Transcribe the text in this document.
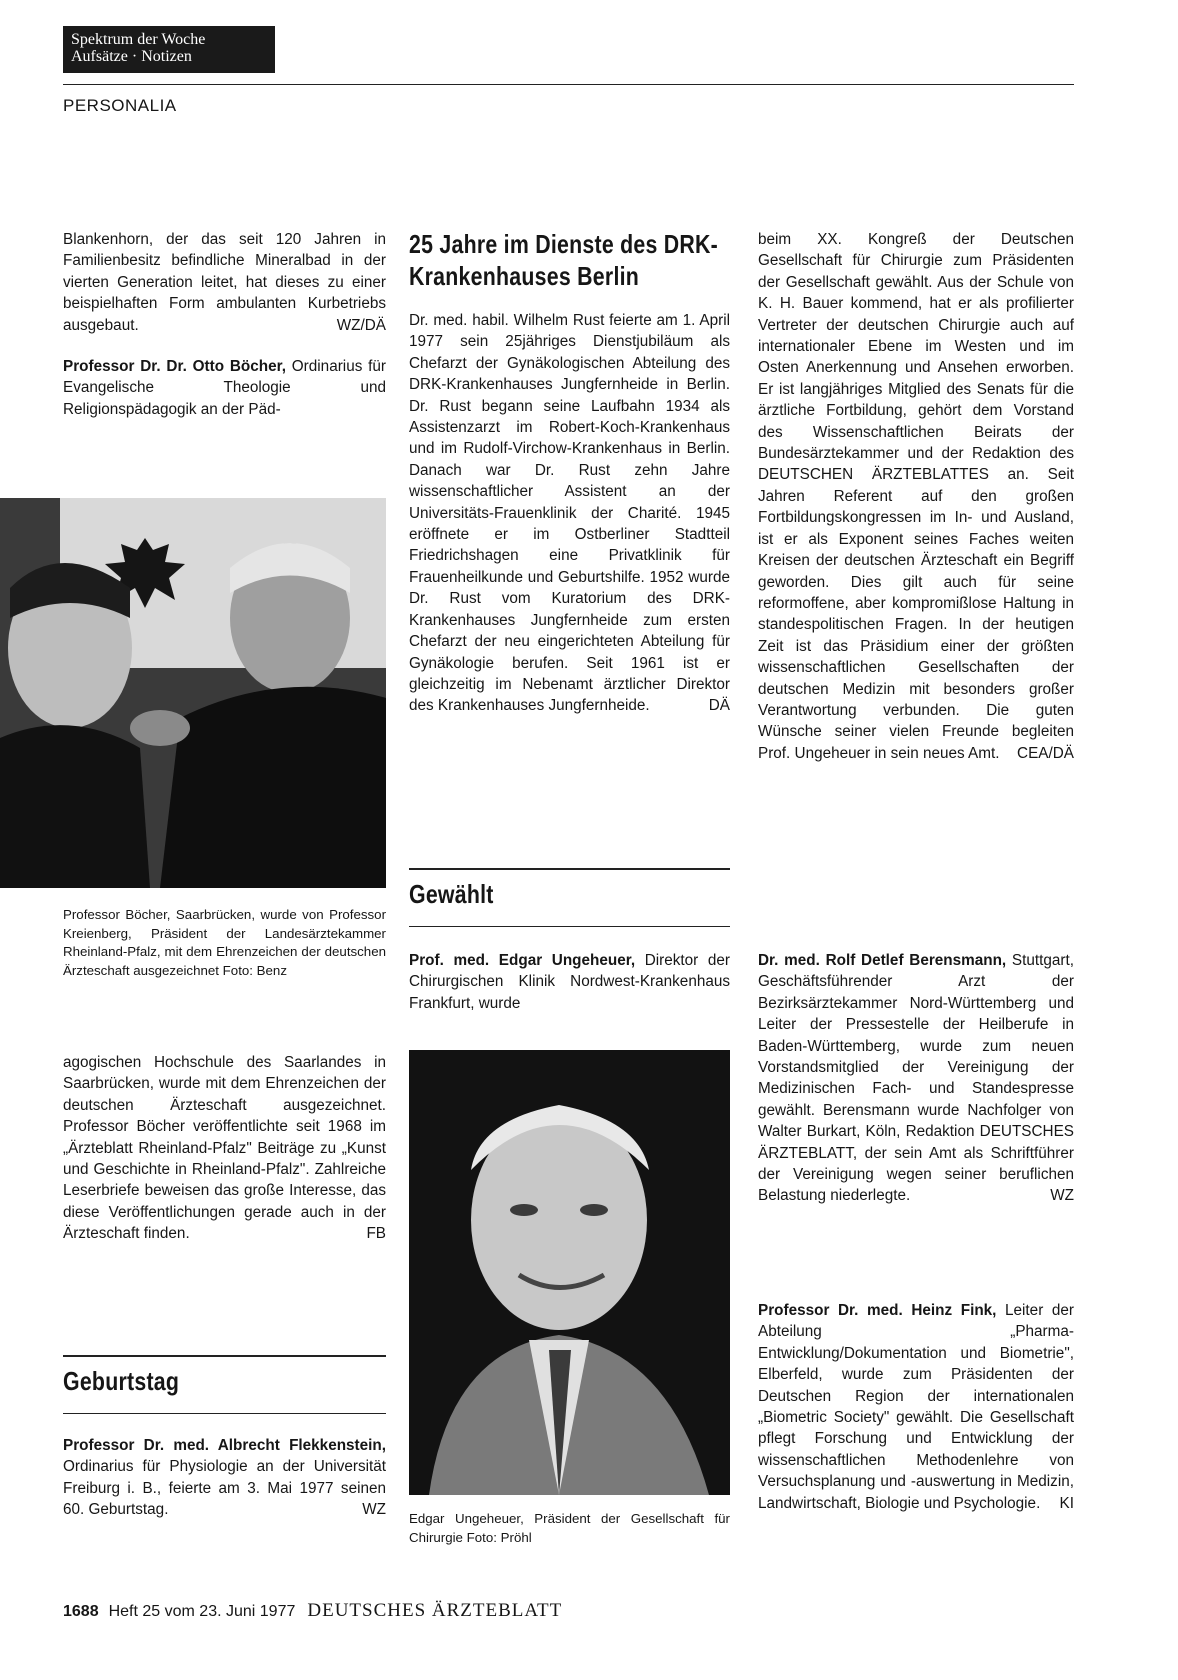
Spektrum der Woche
Aufsätze · Notizen
PERSONALIA

Blankenhorn, der das seit 120 Jahren in Familienbesitz befindliche Mineralbad in der vierten Generation leitet, hat dieses zu einer beispielhaften Form ambulanten Kurbetriebs ausgebaut.	WZ/DÄ

Professor Dr. Dr. Otto Böcher, Ordinarius für Evangelische Theologie und Religionspädagogik an der Päd-

Professor Böcher, Saarbrücken, wurde von Professor Kreienberg, Präsident der Landesärztekammer Rheinland-Pfalz, mit dem Ehrenzeichen der deutschen Ärzteschaft ausgezeichnet Foto: Benz

agogischen Hochschule des Saarlandes in Saarbrücken, wurde mit dem Ehrenzeichen der deutschen Ärzteschaft ausgezeichnet. Professor Böcher veröffentlichte seit 1968 im „Ärzteblatt Rheinland-Pfalz" Beiträge zu „Kunst und Geschichte in Rheinland-Pfalz". Zahlreiche Leserbriefe beweisen das große Interesse, das diese Veröffentlichungen gerade auch in der Ärzteschaft finden.	FB

Geburtstag

Professor Dr. med. Albrecht Flekkenstein, Ordinarius für Physiologie an der Universität Freiburg i. B., feierte am 3. Mai 1977 seinen 60. Geburtstag.	WZ

25 Jahre im Dienste des DRK-Krankenhauses Berlin

Dr. med. habil. Wilhelm Rust feierte am 1. April 1977 sein 25jähriges Dienstjubiläum als Chefarzt der Gynäkologischen Abteilung des DRK-Krankenhauses Jungfernheide in Berlin. Dr. Rust begann seine Laufbahn 1934 als Assistenzarzt im Robert-Koch-Krankenhaus und im Rudolf-Virchow-Krankenhaus in Berlin. Danach war Dr. Rust zehn Jahre wissenschaftlicher Assistent an der Universitäts-Frauenklinik der Charité. 1945 eröffnete er im Ostberliner Stadtteil Friedrichshagen eine Privatklinik für Frauenheilkunde und Geburtshilfe. 1952 wurde Dr. Rust vom Kuratorium des DRK-Krankenhauses Jungfernheide zum ersten Chefarzt der neu eingerichteten Abteilung für Gynäkologie berufen. Seit 1961 ist er gleichzeitig im Nebenamt ärztlicher Direktor des Krankenhauses Jungfernheide.	DÄ

Gewählt

Prof. med. Edgar Ungeheuer, Direktor der Chirurgischen Klinik Nordwest-Krankenhaus Frankfurt, wurde

Edgar Ungeheuer, Präsident der Gesellschaft für Chirurgie Foto: Pröhl

beim XX. Kongreß der Deutschen Gesellschaft für Chirurgie zum Präsidenten der Gesellschaft gewählt. Aus der Schule von K. H. Bauer kommend, hat er als profilierter Vertreter der deutschen Chirurgie auch auf internationaler Ebene im Westen und im Osten Anerkennung und Ansehen erworben. Er ist langjähriges Mitglied des Senats für die ärztliche Fortbildung, gehört dem Vorstand des Wissenschaftlichen Beirats der Bundesärztekammer und der Redaktion des DEUTSCHEN ÄRZTEBLATTES an. Seit Jahren Referent auf den großen Fortbildungskongressen im In- und Ausland, ist er als Exponent seines Faches weiten Kreisen der deutschen Ärzteschaft ein Begriff geworden. Dies gilt auch für seine reformoffene, aber kompromißlose Haltung in standespolitischen Fragen. In der heutigen Zeit ist das Präsidium einer der größten wissenschaftlichen Gesellschaften der deutschen Medizin mit besonders großer Verantwortung verbunden. Die guten Wünsche seiner vielen Freunde begleiten Prof. Ungeheuer in sein neues Amt. CEA/DÄ

Dr. med. Rolf Detlef Berensmann, Stuttgart, Geschäftsführender Arzt der Bezirksärztekammer Nord-Württemberg und Leiter der Pressestelle der Heilberufe in Baden-Württemberg, wurde zum neuen Vorstandsmitglied der Vereinigung der Medizinischen Fach- und Standespresse gewählt. Berensmann wurde Nachfolger von Walter Burkart, Köln, Redaktion DEUTSCHES ÄRZTEBLATT, der sein Amt als Schriftführer der Vereinigung wegen seiner beruflichen Belastung niederlegte.	WZ

Professor Dr. med. Heinz Fink, Leiter der Abteilung „Pharma-Entwicklung/Dokumentation und Biometrie", Elberfeld, wurde zum Präsidenten der Deutschen Region der internationalen „Biometric Society" gewählt. Die Gesellschaft pflegt Forschung und Entwicklung der wissenschaftlichen Methodenlehre von Versuchsplanung und -auswertung in Medizin, Landwirtschaft, Biologie und Psychologie. KI

1688 Heft 25 vom 23. Juni 1977 DEUTSCHES ÄRZTEBLATT
